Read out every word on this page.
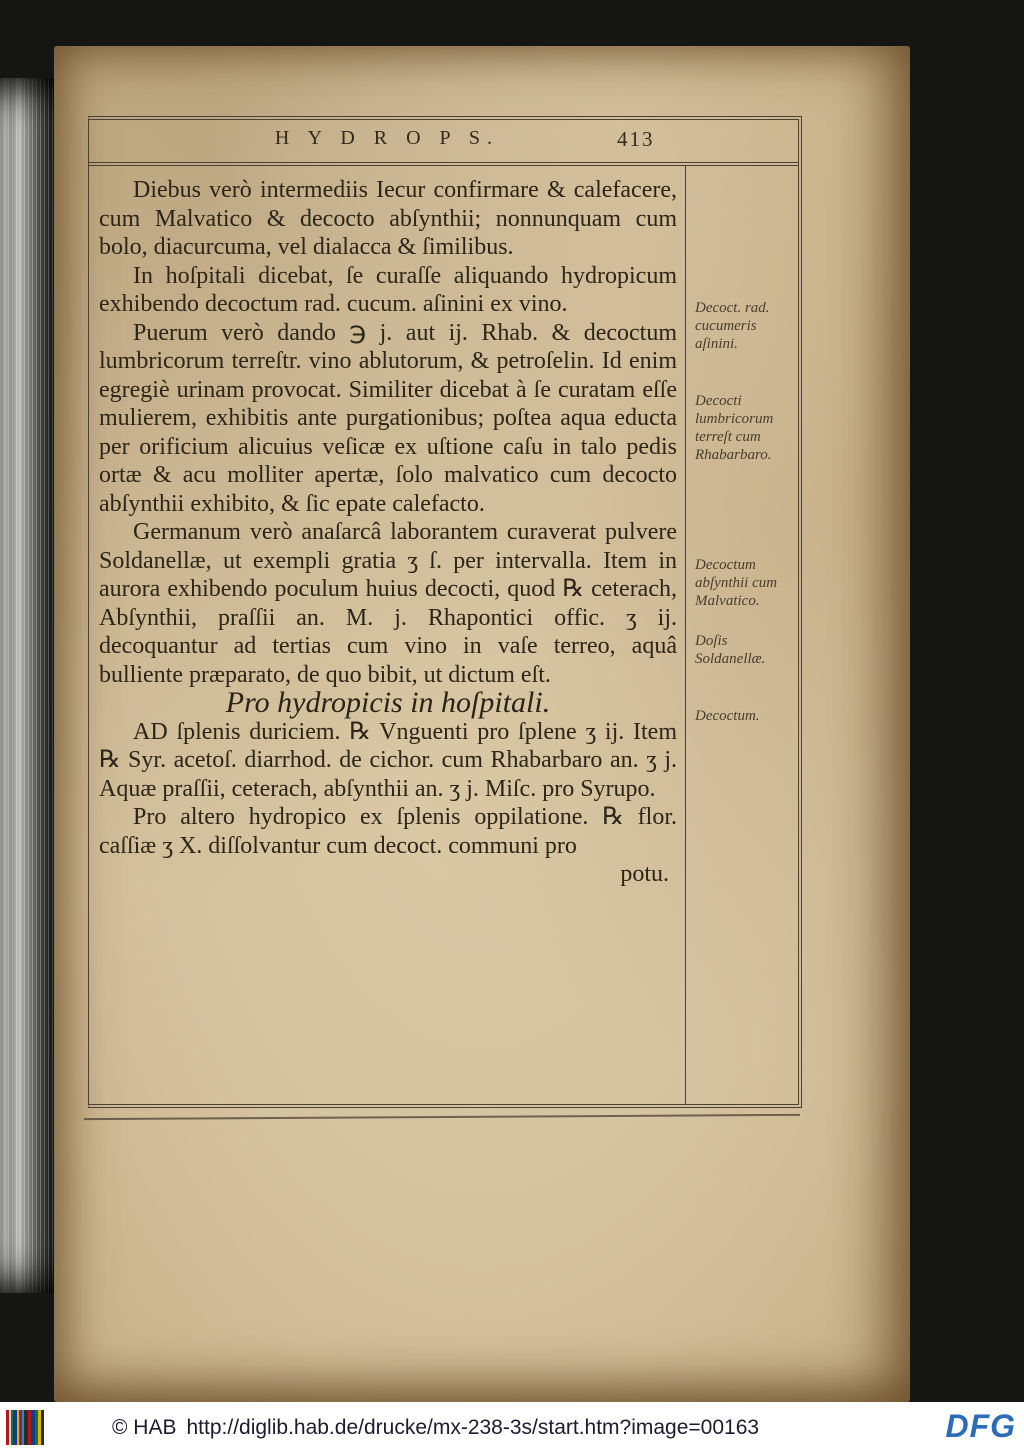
H Y D R O P S.	413

Diebus verò intermediis Iecur confirmare & calefacere, cum Malvatico & decocto abſynthii; nonnunquam cum bolo, diacurcuma, vel dialacca & ſimilibus.

In hoſpitali dicebat, ſe curaſſe aliquando hydropicum exhibendo decoctum rad. cucum. aſinini ex vino.

Puerum verò dando ℈ j. aut ij. Rhab. & decoctum lumbricorum terreſtr. vino ablutorum, & petroſelin. Id enim egregiè urinam provocat. Similiter dicebat à ſe curatam eſſe mulierem, exhibitis ante purgationibus; poſtea aqua educta per orificium alicuius veſicæ ex uſtione caſu in talo pedis ortæ & acu molliter apertæ, ſolo malvatico cum decocto abſynthii exhibito, & ſic epate calefacto.

Germanum verò anaſarcâ laborantem curaverat pulvere Soldanellæ, ut exempli gratia ʒ ſ. per intervalla. Item in aurora exhibendo poculum huius decocti, quod ℞ ceterach, Abſynthii, praſſii an. M. j. Rhapontici offic. ʒ ij. decoquantur ad tertias cum vino in vaſe terreo, aquâ bulliente præparato, de quo bibit, ut dictum eſt.

Pro hydropicis in hoſpitali.

AD ſplenis duriciem. ℞ Vnguenti pro ſplene ʒ ij. Item ℞ Syr. acetoſ. diarrhod. de cichor. cum Rhabarbaro an. ʒ j. Aquæ praſſii, ceterach, abſynthii an. ʒ j. Miſc. pro Syrupo.

Pro altero hydropico ex ſplenis oppilatione. ℞ flor. caſſiæ ʒ X. diſſolvantur cum decoct. communi pro

potu.
Decoct. rad. cucumeris aſinini.
Decocti lumbricorum terreſt cum Rhabarbaro.
Decoctum abſynthii cum Malvatico.
Doſis Soldanellæ.
Decoctum.
© HAB http://diglib.hab.de/drucke/mx-238-3s/start.htm?image=00163	DFG
